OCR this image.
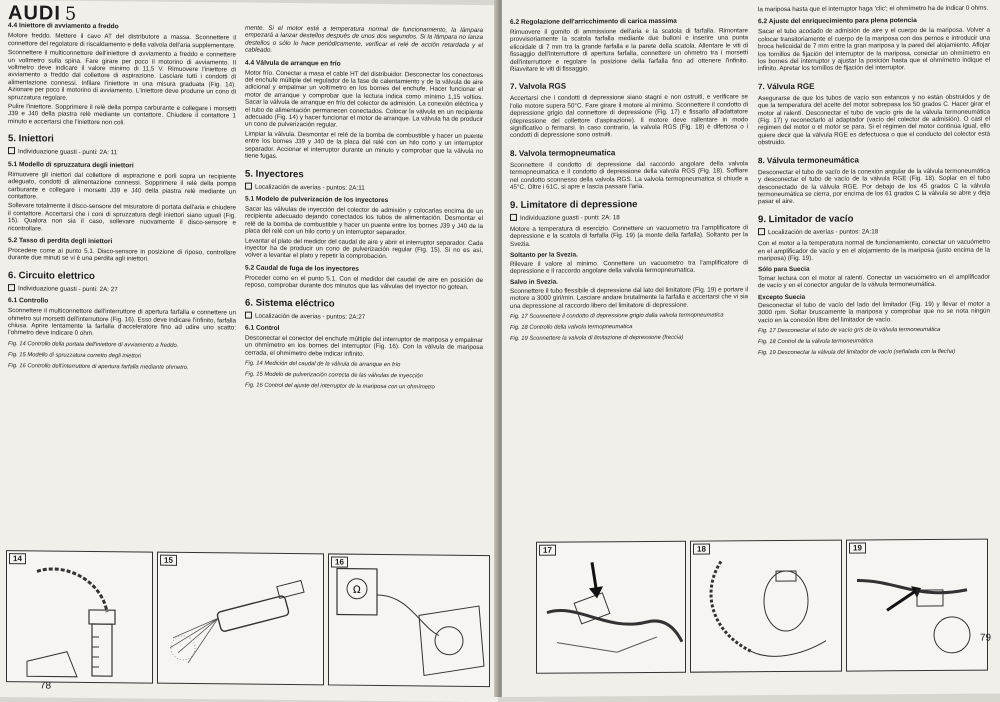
AUDI 5
4.4 Iniettore di avviamento a freddo

Motore freddo. Mettere il cavo AT del distributore a massa. Sconnettere il connettore del regolatore di riscaldamento e della valvola dell'aria supplementare.

Sconnettere il multiconnettore dell'iniettore di avviamento a freddo e connettere un voltmetro sulla spina. Fare girare per poco il motorino di avviamento. Il voltmetro deve indicare il valore minimo di 11,5 V. Rimuovere l'iniettore di avviamento a freddo dal collettore di aspirazione. Lasciare tutti i condotti di alimentazione connessi. Infilare l'iniettore in una misura graduata (Fig. 14). Azionare per poco il motorino di avviamento. L'iniettore deve produrre un cono di spruzzatura regolare.

Pulire l'iniettore. Sopprimere il relè della pompa carburante e collegare i morsetti J39 e J40 della piastra relè mediante un contattore. Chiudere il contattore 1 minuto e accertarsi che l'iniettore non coli.

5. Iniettori
Individuazione guasti - punti: 2A: 11
5.1 Modello di spruzzatura degli iniettori

Rimuovere gli iniettori dal collettore di aspirazione e porli sopra un recipiente adeguato, condotti di alimentazione connessi. Sopprimere il relè della pompa carburante e collegare i morsetti J39 e J40 della piastra relè mediante un contattore.

Sollevare totalmente il disco-sensore del misuratore di portata dell'aria e chiudere il contattore. Accertarsi che i coni di spruzzatura degli iniettori siano uguali (Fig. 15). Qualora non sia il caso, sollevare nuovamente il disco-sensore e ricontrollare.

5.2 Tasso di perdita degli iniettori

Procedere come ai punto 5.1. Disco-sensore in posizione di riposo, controllare durante due minuti se vi è una perdita agli iniettori.

6. Circuito elettrico
Individuazione guasti - punti: 2A: 27
6.1 Controllo

Sconnettere il multiconnettore dell'interruttore di apertura farfalla e connettere un ohmetro sui morsetti dell'interruttore (Fig. 16). Esso deve indicare l'infinito, farfalla chiusa. Aprire lentamente la farfalla d'acceleratore fino ad udire uno scatto: l'ohmetro deve indicare 0 ohm.

Fig. 14 Controllo della portata dell'iniettore di avviamento a freddo.
Fig. 15 Modello di spruzzatura corretto degli iniettori
Fig. 16 Controllo dell'interruttore di apertura farfalla mediante ohmetro.

mente. Si el motor está a temperatura normal de funcionamiento, la lámpara empezará a lanzar destellos después de unos dos segundos. Si la lámpara no lanza destellos o sólo lo hace periódicamente, verificar el relé de acción retardada y el cableado.

4.4 Válvula de arranque en frío

Motor frío. Conectar a masa el cable HT del distribuidor. Desconectar los conectores del enchufe múltiple del regulador de la fase de calentamiento y de la válvula de aire adicional y empalmar un voltímetro en los bornes del enchufe. Hacer funcionar el motor de arranque y comprobar que la lectura indica como mínimo 1,15 voltios. Sacar la válvula de arranque en frío del colector de admisión. La conexión eléctrica y el tubo de alimentación permanecen conectados. Colocar la válvula en un recipiente adecuado (Fig. 14) y hacer funcionar el motor de arranque. La válvula ha de producir un cono de pulverización regular.

Limpiar la válvula. Desmontar el relé de la bomba de combustible y hacer un puente entre los bornes J39 y J40 de la placa del relé con un hilo corto y un interruptor separador. Accionar el interruptor durante un minuto y comprobar que la válvula no tiene fugas.

5. Inyectores
Localización de averías - puntos: 2A:11
5.1 Modelo de pulverización de los inyectores

Sacar las válvulas de inyección del colector de admisión y colocarlas encima de un recipiente adecuado dejando conectados los tubos de alimentación. Desmontar el relé de la bomba de combustible y hacer un puente entre los bornes J39 y J40 de la placa del relé con un hilo corto y un interruptor separador.

Levantar el plato del medidor del caudal de aire y abrir el interruptor separador. Cada inyector ha de producir un cono de pulverización regular (Fig. 15). Si no es así, volver a levantar el plato y repetir la comprobación.

5.2 Caudal de fuga de los inyectores

Proceder como en el punto 5.1. Con el medidor del caudal de aire en posición de reposo, comprobar durante dos minutos que las válvulas del inyector no gotean.

6. Sistema eléctrico
Localización de averías - puntos: 2A:27
6.1 Control

Desconectar el conector del enchufe múltiple del interruptor de mariposa y empalmar un ohmímetro en los bornes del interruptor (Fig. 16). Con la válvula de mariposa cerrada, el ohmímetro debe indicar infinito.

Fig. 14 Medición del caudal de la válvula de arranque en frío
Fig. 15 Modelo de pulverización correcta de las válvulas de inyección
Fig. 16 Control del ajuste del interruptor de la mariposa con un ohmímetro
14	15	16
Ω
78
6.2 Regolazione dell'arricchimento di carica massima

Rimuovere il gomito di ammissione dell'aria e la scatola di farfalla. Rimontare provvisoriamente la scatola farfalla mediante due bulloni e inserire una punta elicoidale di 7 mm tra la grande farfalla e la parete della scatola. Allentare le viti di fissaggio dell'interruttore di apertura farfalla, connettere un ohmetro tra i morsetti dell'interruttore e regolare la posizione della farfalla fino ad ottenere l'infinito. Riavvitare le viti di fissaggio.

7. Valvola RGS

Accertarsi che i condotti di depressione siano stagni e non ostruiti, e verificare se l'olio motore supera 50°C. Fare girare il motore al minimo. Sconnettere il condotto di depressione grigio dal connettore di depressione (Fig. 17) e fissarlo all'adattatore (depressione del collettore d'aspirazione). Il motore deve rallentare in modo significativo o fermarsi. In caso contrario, la valvola RGS (Fig. 18) è difettosa o i condotti di depressione sono ostruiti.

8. Valvola termopneumatica

Sconnettere il condotto di depressione dal raccordo angolare della valvola termopneumatica e il condotto di depressione della valvola RGS (Fig. 18). Soffiare nel condotto sconnesso della valvola RGS. La valvola termopneumatica si chiude a 45°C. Oltre i 61C, si apre e lascia passare l'aria.

9. Limitatore di depressione
Individuazione guasti - punti: 2A: 18

Motore a temperatura di esercizio. Connettere un vacuometro tra l'amplificatore di depressione e la scatola di farfalla (Fig. 19) (a monte della farfalla). Soltanto per la Svezia.

Soltanto per la Svezia.

Rilevare il valore al minimo. Connettere un vacuometro tra l'amplificatore di depressione e il raccordo angolare della valvola termopneumatica.

Salvo in Svezia.

Sconnettere il tubo flessibile di depressione dal lato del limitatore (Fig. 19) e portare il motore a 3000 giri/min. Lasciare andare brutalmente la farfalla e accertarsi che vi sia una depressione al raccordo libero del limitatore di depressione.

Fig. 17 Sconnettere il condotto di depressione grigio dalla valvola termopneumatica
Fig. 18 Controllo della valvola termopneumatica
Fig. 19 Sconnettere la valvola di limitazione di depressione (freccia)

la mariposa hasta que el interruptor haga 'clic'; el ohmímetro ha de indicar 0 ohms.

6.2 Ajuste del enriquecimiento para plena potencia

Sacar el tubo acodado de admisión de aire y el cuerpo de la mariposa. Volver a colocar transitoriamente el cuerpo de la mariposa con dos pernos e introducir una broca helicoidal de 7 mm entre la gran mariposa y la pared del alojamiento. Aflojar los tornillos de fijación del interruptor de la mariposa, conectar un ohmímetro en los bornes del interruptor y ajustar la posición hasta que el ohmímetro indique el infinito. Apretar los tornillos de fijación del interruptor.

7. Válvula RGE

Asegurarse de que los tubos de vacío son estancos y no están obstruidos y de que la temperatura del aceite del motor sobrepasa los 50 grados C. Hacer girar el motor al ralentí. Desconectar el tubo de vacío gris de la válvula termoneumática (Fig. 17) y reconectarlo al adaptador (vacío del colector de admisión). O casi el régimen del motor o el motor se para. Si el régimen del motor continúa igual, ello quiere decir que la válvula RGE es defectuosa o que el conducto del colector está obstruido.

8. Válvula termoneumática

Desconectar el tubo de vacío de la conexión angular de la válvula termoneumática y desconectar el tubo de vacío de la válvula RGE (Fig. 18). Soplar en el tubo desconectado de la válvula RGE. Por debajo de los 45 grados C la válvula termoneumática se cierra, por encima de los 61 grados C la válvula se abre y deja pasar el aire.

9. Limitador de vacío
Localización de averías - puntos: 2A:18

Con el motor a la temperatura normal de funcionamiento, conectar un vacuómetro en el amplificador de vacío y en el alojamiento de la mariposa (justo encima de la mariposa) (Fig. 19).

Sólo para Suecia

Tomar lectura con el motor al ralentí. Conectar un vacuómetro en el amplificador de vacío y en el conector angular de la válvula termoneumática.

Excepto Suecia

Desconectar el tubo de vacío del lado del limitador (Fig. 19) y llevar el motor a 3000 rpm. Soltar bruscamente la mariposa y comprobar que no se nota ningún vacío en la conexión libre del limitador de vacío.

Fig. 17 Desconectar el tubo de vacío gris de la válvula termoneumática
Fig. 18 Control de la válvula termoneumática
Fig. 19 Desconectar la válvula del limitador de vacío (señalada con la flecha)
17	18	19
79
